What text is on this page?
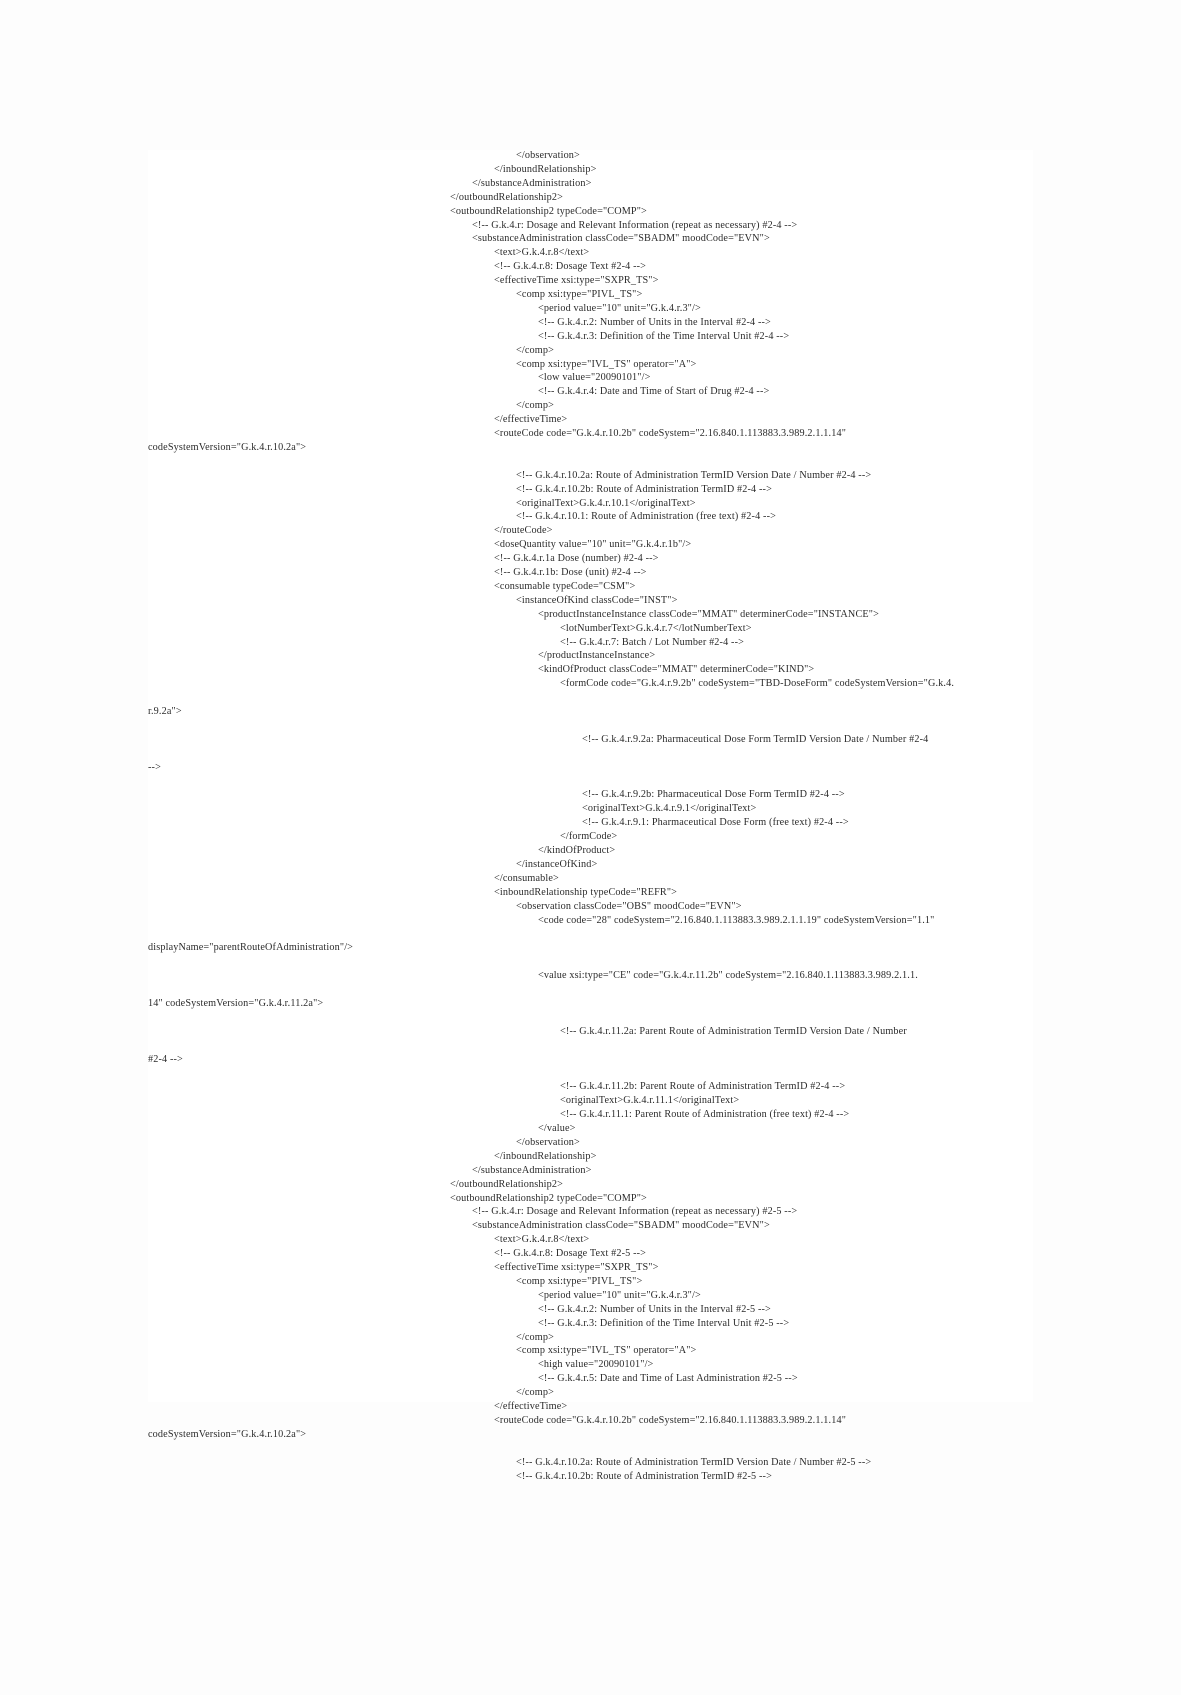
</observation>
</inboundRelationship>
</substanceAdministration>
</outboundRelationship2>
<outboundRelationship2 typeCode="COMP">
<!-- G.k.4.r: Dosage and Relevant Information (repeat as necessary) #2-4 -->
<substanceAdministration classCode="SBADM" moodCode="EVN">
<text>G.k.4.r.8</text>
<!-- G.k.4.r.8: Dosage Text #2-4 -->
<effectiveTime xsi:type="SXPR_TS">
<comp xsi:type="PIVL_TS">
<period value="10" unit="G.k.4.r.3"/>
<!-- G.k.4.r.2: Number of Units in the Interval #2-4 -->
<!-- G.k.4.r.3: Definition of the Time Interval Unit #2-4 -->
</comp>
<comp xsi:type="IVL_TS" operator="A">
<low value="20090101"/>
<!-- G.k.4.r.4: Date and Time of Start of Drug #2-4 -->
</comp>
</effectiveTime>
<routeCode code="G.k.4.r.10.2b" codeSystem="2.16.840.1.113883.3.989.2.1.1.14"
codeSystemVersion="G.k.4.r.10.2a">
<!-- G.k.4.r.10.2a: Route of Administration TermID Version Date / Number #2-4 -->
<!-- G.k.4.r.10.2b: Route of Administration TermID #2-4 -->
<originalText>G.k.4.r.10.1</originalText>
<!-- G.k.4.r.10.1: Route of Administration (free text) #2-4 -->
</routeCode>
<doseQuantity value="10" unit="G.k.4.r.1b"/>
<!-- G.k.4.r.1a Dose (number) #2-4 -->
<!-- G.k.4.r.1b: Dose (unit) #2-4 -->
<consumable typeCode="CSM">
<instanceOfKind classCode="INST">
<productInstanceInstance classCode="MMAT" determinerCode="INSTANCE">
<lotNumberText>G.k.4.r.7</lotNumberText>
<!-- G.k.4.r.7: Batch / Lot Number #2-4 -->
</productInstanceInstance>
<kindOfProduct classCode="MMAT" determinerCode="KIND">
<formCode code="G.k.4.r.9.2b" codeSystem="TBD-DoseForm" codeSystemVersion="G.k.4.
r.9.2a">
<!-- G.k.4.r.9.2a: Pharmaceutical Dose Form TermID Version Date / Number #2-4
-->
<!-- G.k.4.r.9.2b: Pharmaceutical Dose Form TermID #2-4 -->
<originalText>G.k.4.r.9.1</originalText>
<!-- G.k.4.r.9.1: Pharmaceutical Dose Form (free text) #2-4 -->
</formCode>
</kindOfProduct>
</instanceOfKind>
</consumable>
<inboundRelationship typeCode="REFR">
<observation classCode="OBS" moodCode="EVN">
<code code="28" codeSystem="2.16.840.1.113883.3.989.2.1.1.19" codeSystemVersion="1.1"
displayName="parentRouteOfAdministration"/>
<value xsi:type="CE" code="G.k.4.r.11.2b" codeSystem="2.16.840.1.113883.3.989.2.1.1.
14" codeSystemVersion="G.k.4.r.11.2a">
<!-- G.k.4.r.11.2a: Parent Route of Administration TermID Version Date / Number
#2-4 -->
<!-- G.k.4.r.11.2b: Parent Route of Administration TermID #2-4 -->
<originalText>G.k.4.r.11.1</originalText>
<!-- G.k.4.r.11.1: Parent Route of Administration (free text) #2-4 -->
</value>
</observation>
</inboundRelationship>
</substanceAdministration>
</outboundRelationship2>
<outboundRelationship2 typeCode="COMP">
<!-- G.k.4.r: Dosage and Relevant Information (repeat as necessary) #2-5 -->
<substanceAdministration classCode="SBADM" moodCode="EVN">
<text>G.k.4.r.8</text>
<!-- G.k.4.r.8: Dosage Text #2-5 -->
<effectiveTime xsi:type="SXPR_TS">
<comp xsi:type="PIVL_TS">
<period value="10" unit="G.k.4.r.3"/>
<!-- G.k.4.r.2: Number of Units in the Interval #2-5 -->
<!-- G.k.4.r.3: Definition of the Time Interval Unit #2-5 -->
</comp>
<comp xsi:type="IVL_TS" operator="A">
<high value="20090101"/>
<!-- G.k.4.r.5: Date and Time of Last Administration #2-5 -->
</comp>
</effectiveTime>
<routeCode code="G.k.4.r.10.2b" codeSystem="2.16.840.1.113883.3.989.2.1.1.14"
codeSystemVersion="G.k.4.r.10.2a">
<!-- G.k.4.r.10.2a: Route of Administration TermID Version Date / Number #2-5 -->
<!-- G.k.4.r.10.2b: Route of Administration TermID #2-5 -->
